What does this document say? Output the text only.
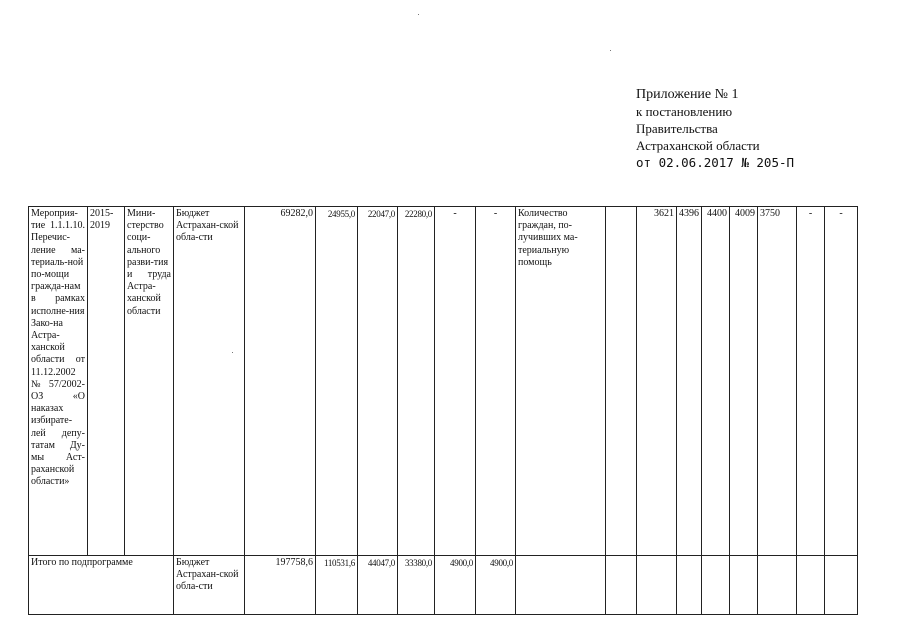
Приложение № 1
к постановлению
Правительства
Астраханской области
от 02.06.2017 № 205-П
Мероприя-тие 1.1.1.10. Перечис-ление ма-териаль-ной по-мощи гражда-нам в рамках исполне-ния Зако-на Астра-ханской области от 11.12.2002 №57/2002-ОЗ «О наказах избирате-лей депу-татам Ду-мы Аст-раханской области»	2015-2019	Мини-стерство соци-ального разви-тия и труда Астра-ханской области	Бюджет Астрахан-ской обла-сти	69282,0	24955,0	22047,0	22280,0	-	-	Количество граждан, по-лучивших ма-териальную помощь		3621	4396	4400	4009	3750	-	-
Итого по подпрограмме			Бюджет Астрахан-ской обла-сти	197758,6	110531,6	44047,0	33380,0	4900,0	4900,0									
